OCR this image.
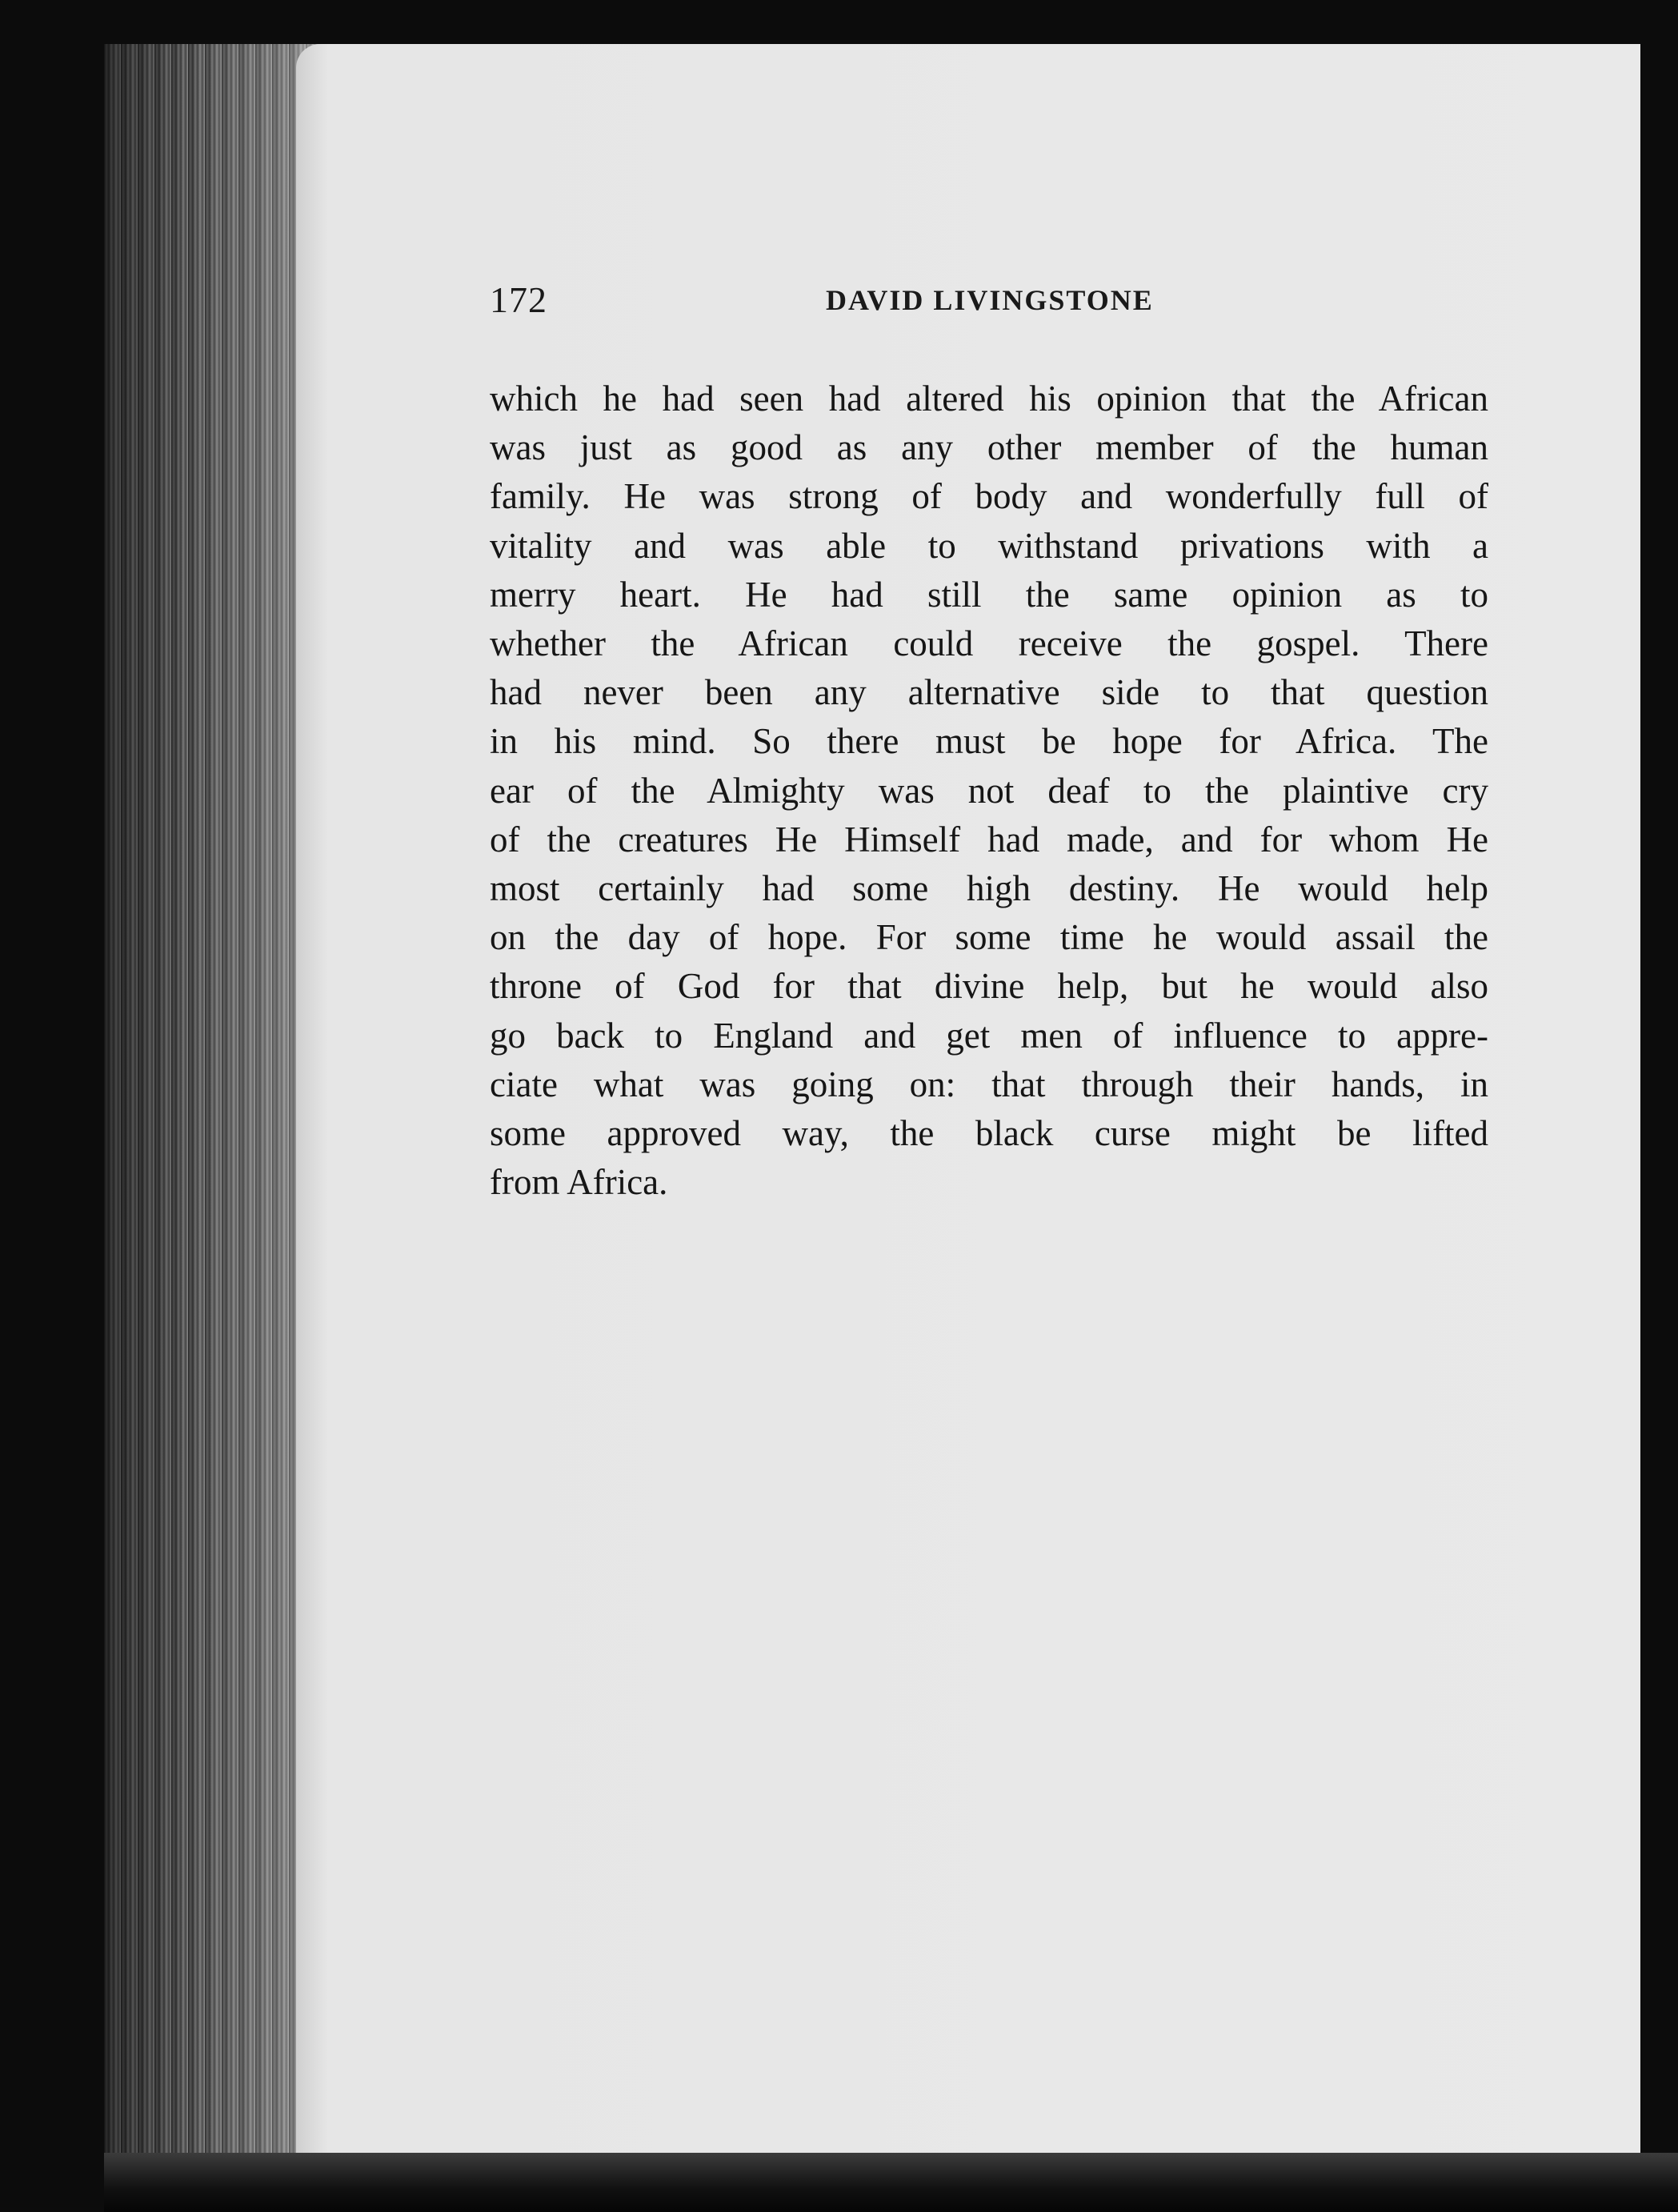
172	DAVID LIVINGSTONE
which he had seen had altered his opinion that the African
was just as good as any other member of the human
family. He was strong of body and wonderfully full of
vitality and was able to withstand privations with a
merry heart. He had still the same opinion as to
whether the African could receive the gospel. There
had never been any alternative side to that question
in his mind. So there must be hope for Africa. The
ear of the Almighty was not deaf to the plaintive cry
of the creatures He Himself had made, and for whom He
most certainly had some high destiny. He would help
on the day of hope. For some time he would assail the
throne of God for that divine help, but he would also
go back to England and get men of influence to appre-
ciate what was going on: that through their hands, in
some approved way, the black curse might be lifted
from Africa.
